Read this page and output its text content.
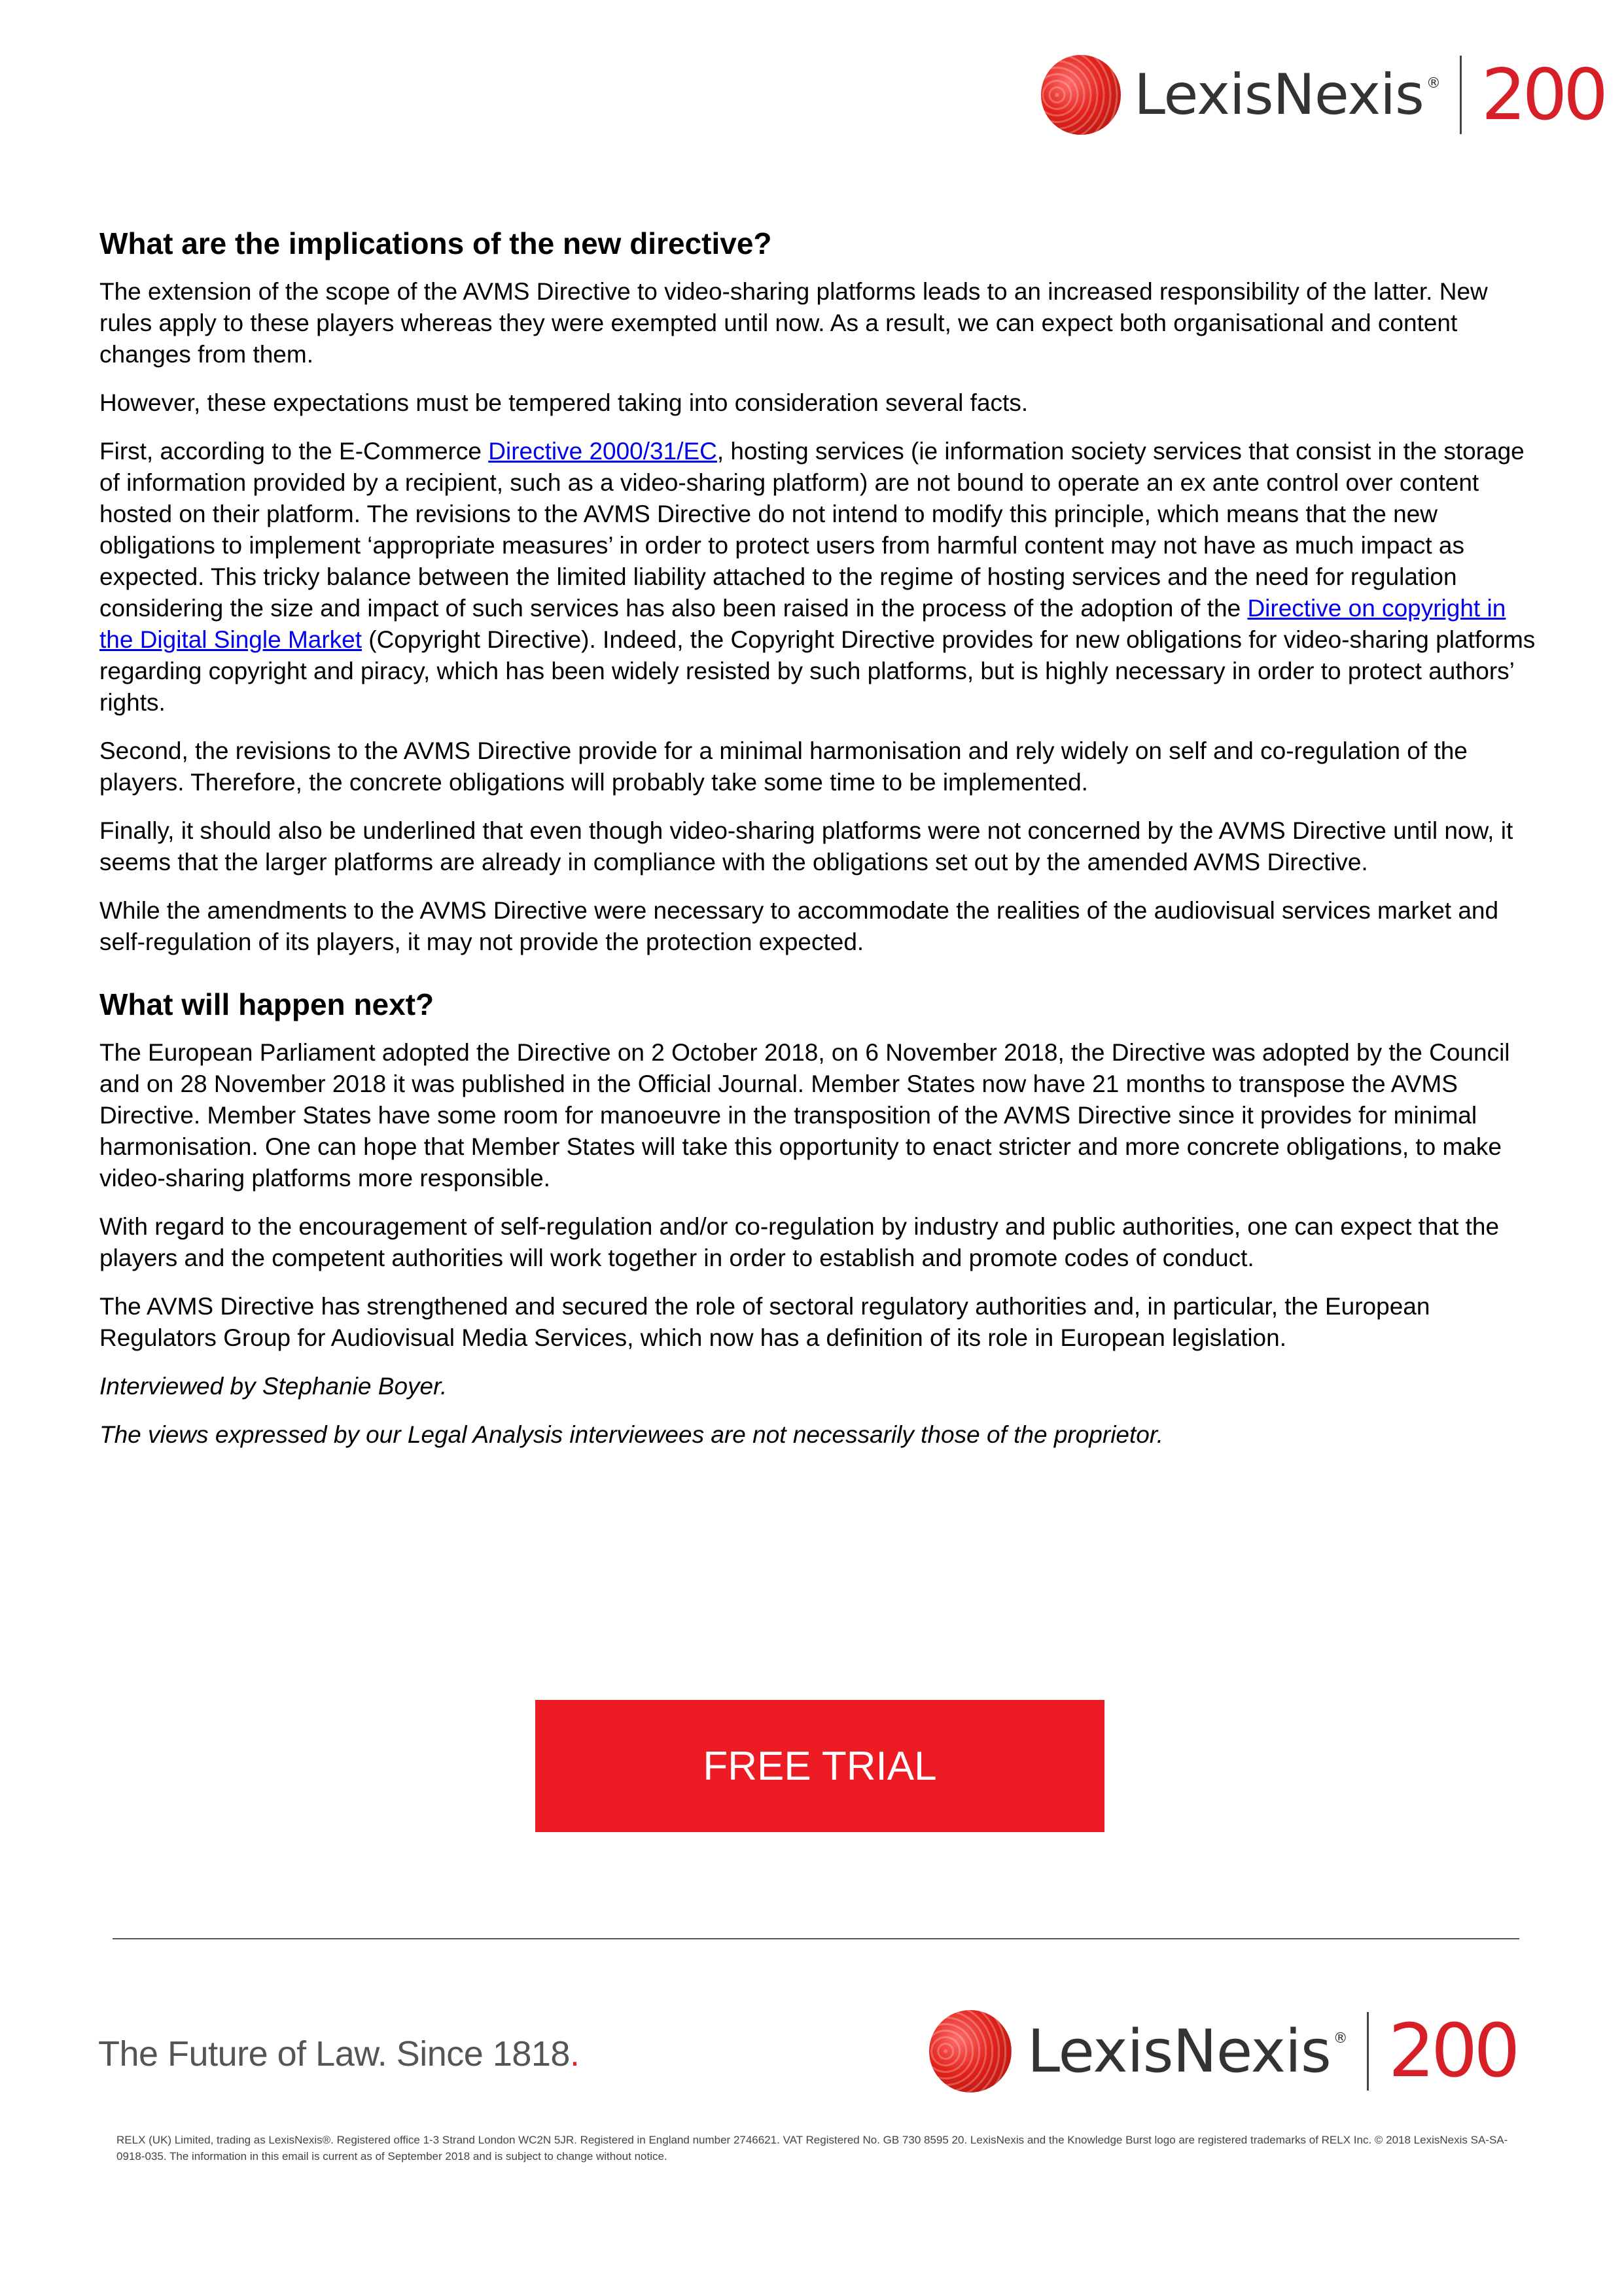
LexisNexis ® 200
What are the implications of the new directive?

The extension of the scope of the AVMS Directive to video-sharing platforms leads to an increased responsibility of the latter. New rules apply to these players whereas they were exempted until now. As a result, we can expect both organisational and content changes from them.

However, these expectations must be tempered taking into consideration several facts.

First, according to the E-Commerce Directive 2000/31/EC, hosting services (ie information society services that consist in the storage of information provided by a recipient, such as a video-sharing platform) are not bound to operate an ex ante control over content hosted on their platform. The revisions to the AVMS Directive do not intend to modify this principle, which means that the new obligations to implement ‘appropriate measures’ in order to protect users from harmful content may not have as much impact as expected. This tricky balance between the limited liability attached to the regime of hosting services and the need for regulation considering the size and impact of such services has also been raised in the process of the adoption of the Directive on copyright in the Digital Single Market (Copyright Directive). Indeed, the Copyright Directive provides for new obligations for video-sharing platforms regarding copyright and piracy, which has been widely resisted by such platforms, but is highly necessary in order to protect authors’ rights.

Second, the revisions to the AVMS Directive provide for a minimal harmonisation and rely widely on self and co-regulation of the players. Therefore, the concrete obligations will probably take some time to be implemented.

Finally, it should also be underlined that even though video-sharing platforms were not concerned by the AVMS Directive until now, it seems that the larger platforms are already in compliance with the obligations set out by the amended AVMS Directive.

While the amendments to the AVMS Directive were necessary to accommodate the realities of the audiovisual services market and self-regulation of its players, it may not provide the protection expected.

What will happen next?

The European Parliament adopted the Directive on 2 October 2018, on 6 November 2018, the Directive was adopted by the Council and on 28 November 2018 it was published in the Official Journal. Member States now have 21 months to transpose the AVMS Directive. Member States have some room for manoeuvre in the transposition of the AVMS Directive since it provides for minimal harmonisation. One can hope that Member States will take this opportunity to enact stricter and more concrete obligations, to make video-sharing platforms more responsible.

With regard to the encouragement of self-regulation and/or co-regulation by industry and public authorities, one can expect that the players and the competent authorities will work together in order to establish and promote codes of conduct.

The AVMS Directive has strengthened and secured the role of sectoral regulatory authorities and, in particular, the European Regulators Group for Audiovisual Media Services, which now has a definition of its role in European legislation.

Interviewed by Stephanie Boyer.

The views expressed by our Legal Analysis interviewees are not necessarily those of the proprietor.

FREE TRIAL
The Future of Law. Since 1818.	LexisNexis ® 200
RELX (UK) Limited, trading as LexisNexis®. Registered office 1-3 Strand London WC2N 5JR. Registered in England number 2746621. VAT Registered No. GB 730 8595 20. LexisNexis and the Knowledge Burst logo are registered trademarks of RELX Inc. © 2018 LexisNexis SA-SA-0918-035. The information in this email is current as of September 2018 and is subject to change without notice.
